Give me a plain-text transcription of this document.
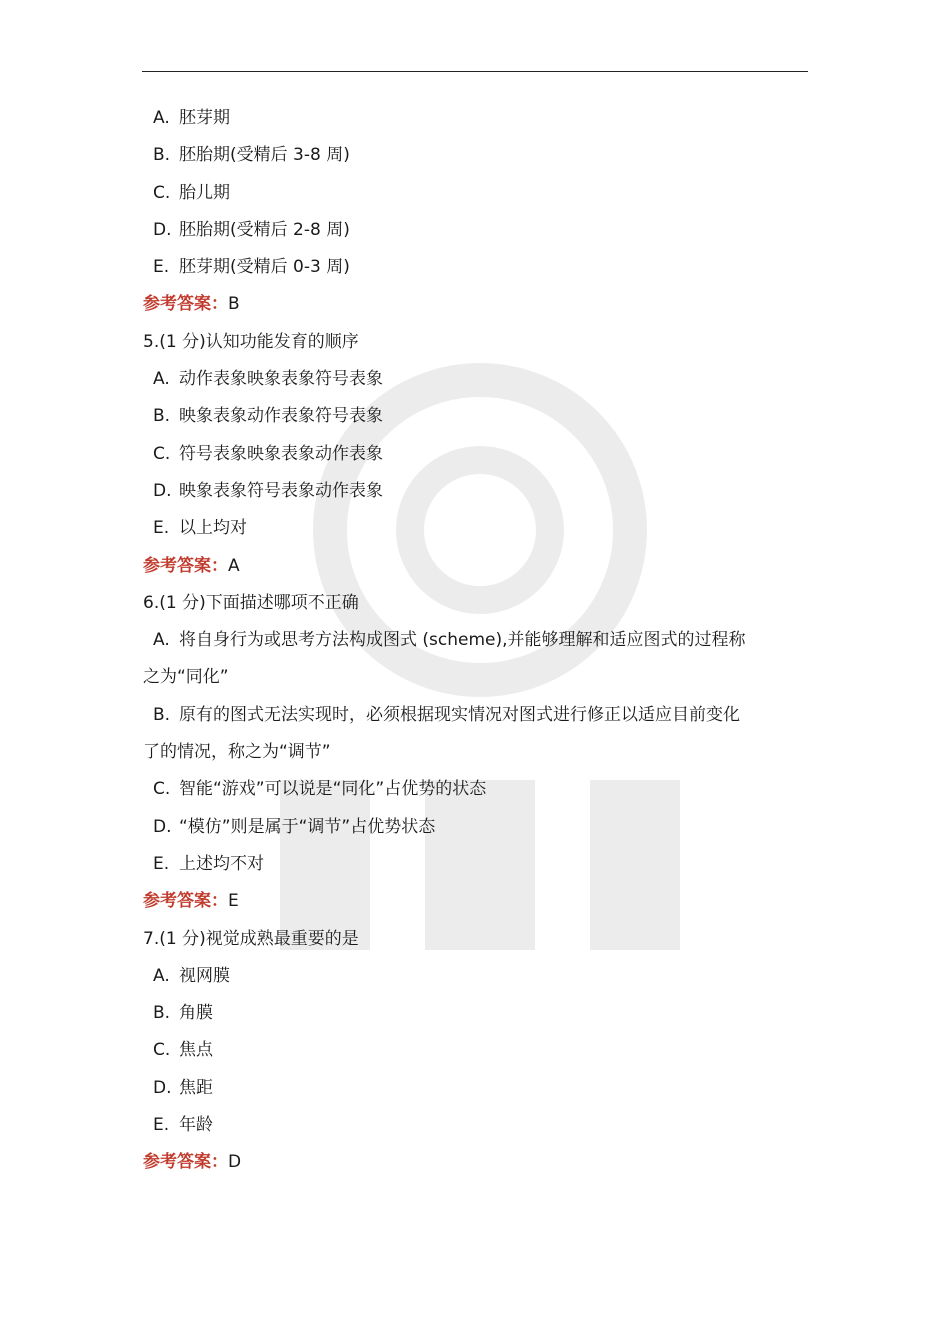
A. 胚芽期
B. 胚胎期(受精后 3-8 周)
C. 胎儿期
D. 胚胎期(受精后 2-8 周)
E. 胚芽期(受精后 0-3 周)
参考答案：B
5.(1 分)认知功能发育的顺序
A. 动作表象映象表象符号表象
B. 映象表象动作表象符号表象
C. 符号表象映象表象动作表象
D. 映象表象符号表象动作表象
E. 以上均对
参考答案：A
6.(1 分)下面描述哪项不正确
A. 将自身行为或思考方法构成图式 (scheme),并能够理解和适应图式的过程称
之为“同化”
B. 原有的图式无法实现时，必须根据现实情况对图式进行修正以适应目前变化
了的情况，称之为“调节”
C. 智能“游戏”可以说是“同化”占优势的状态
D. “模仿”则是属于“调节”占优势状态
E. 上述均不对
参考答案：E
7.(1 分)视觉成熟最重要的是
A. 视网膜
B. 角膜
C. 焦点
D. 焦距
E. 年龄
参考答案：D
